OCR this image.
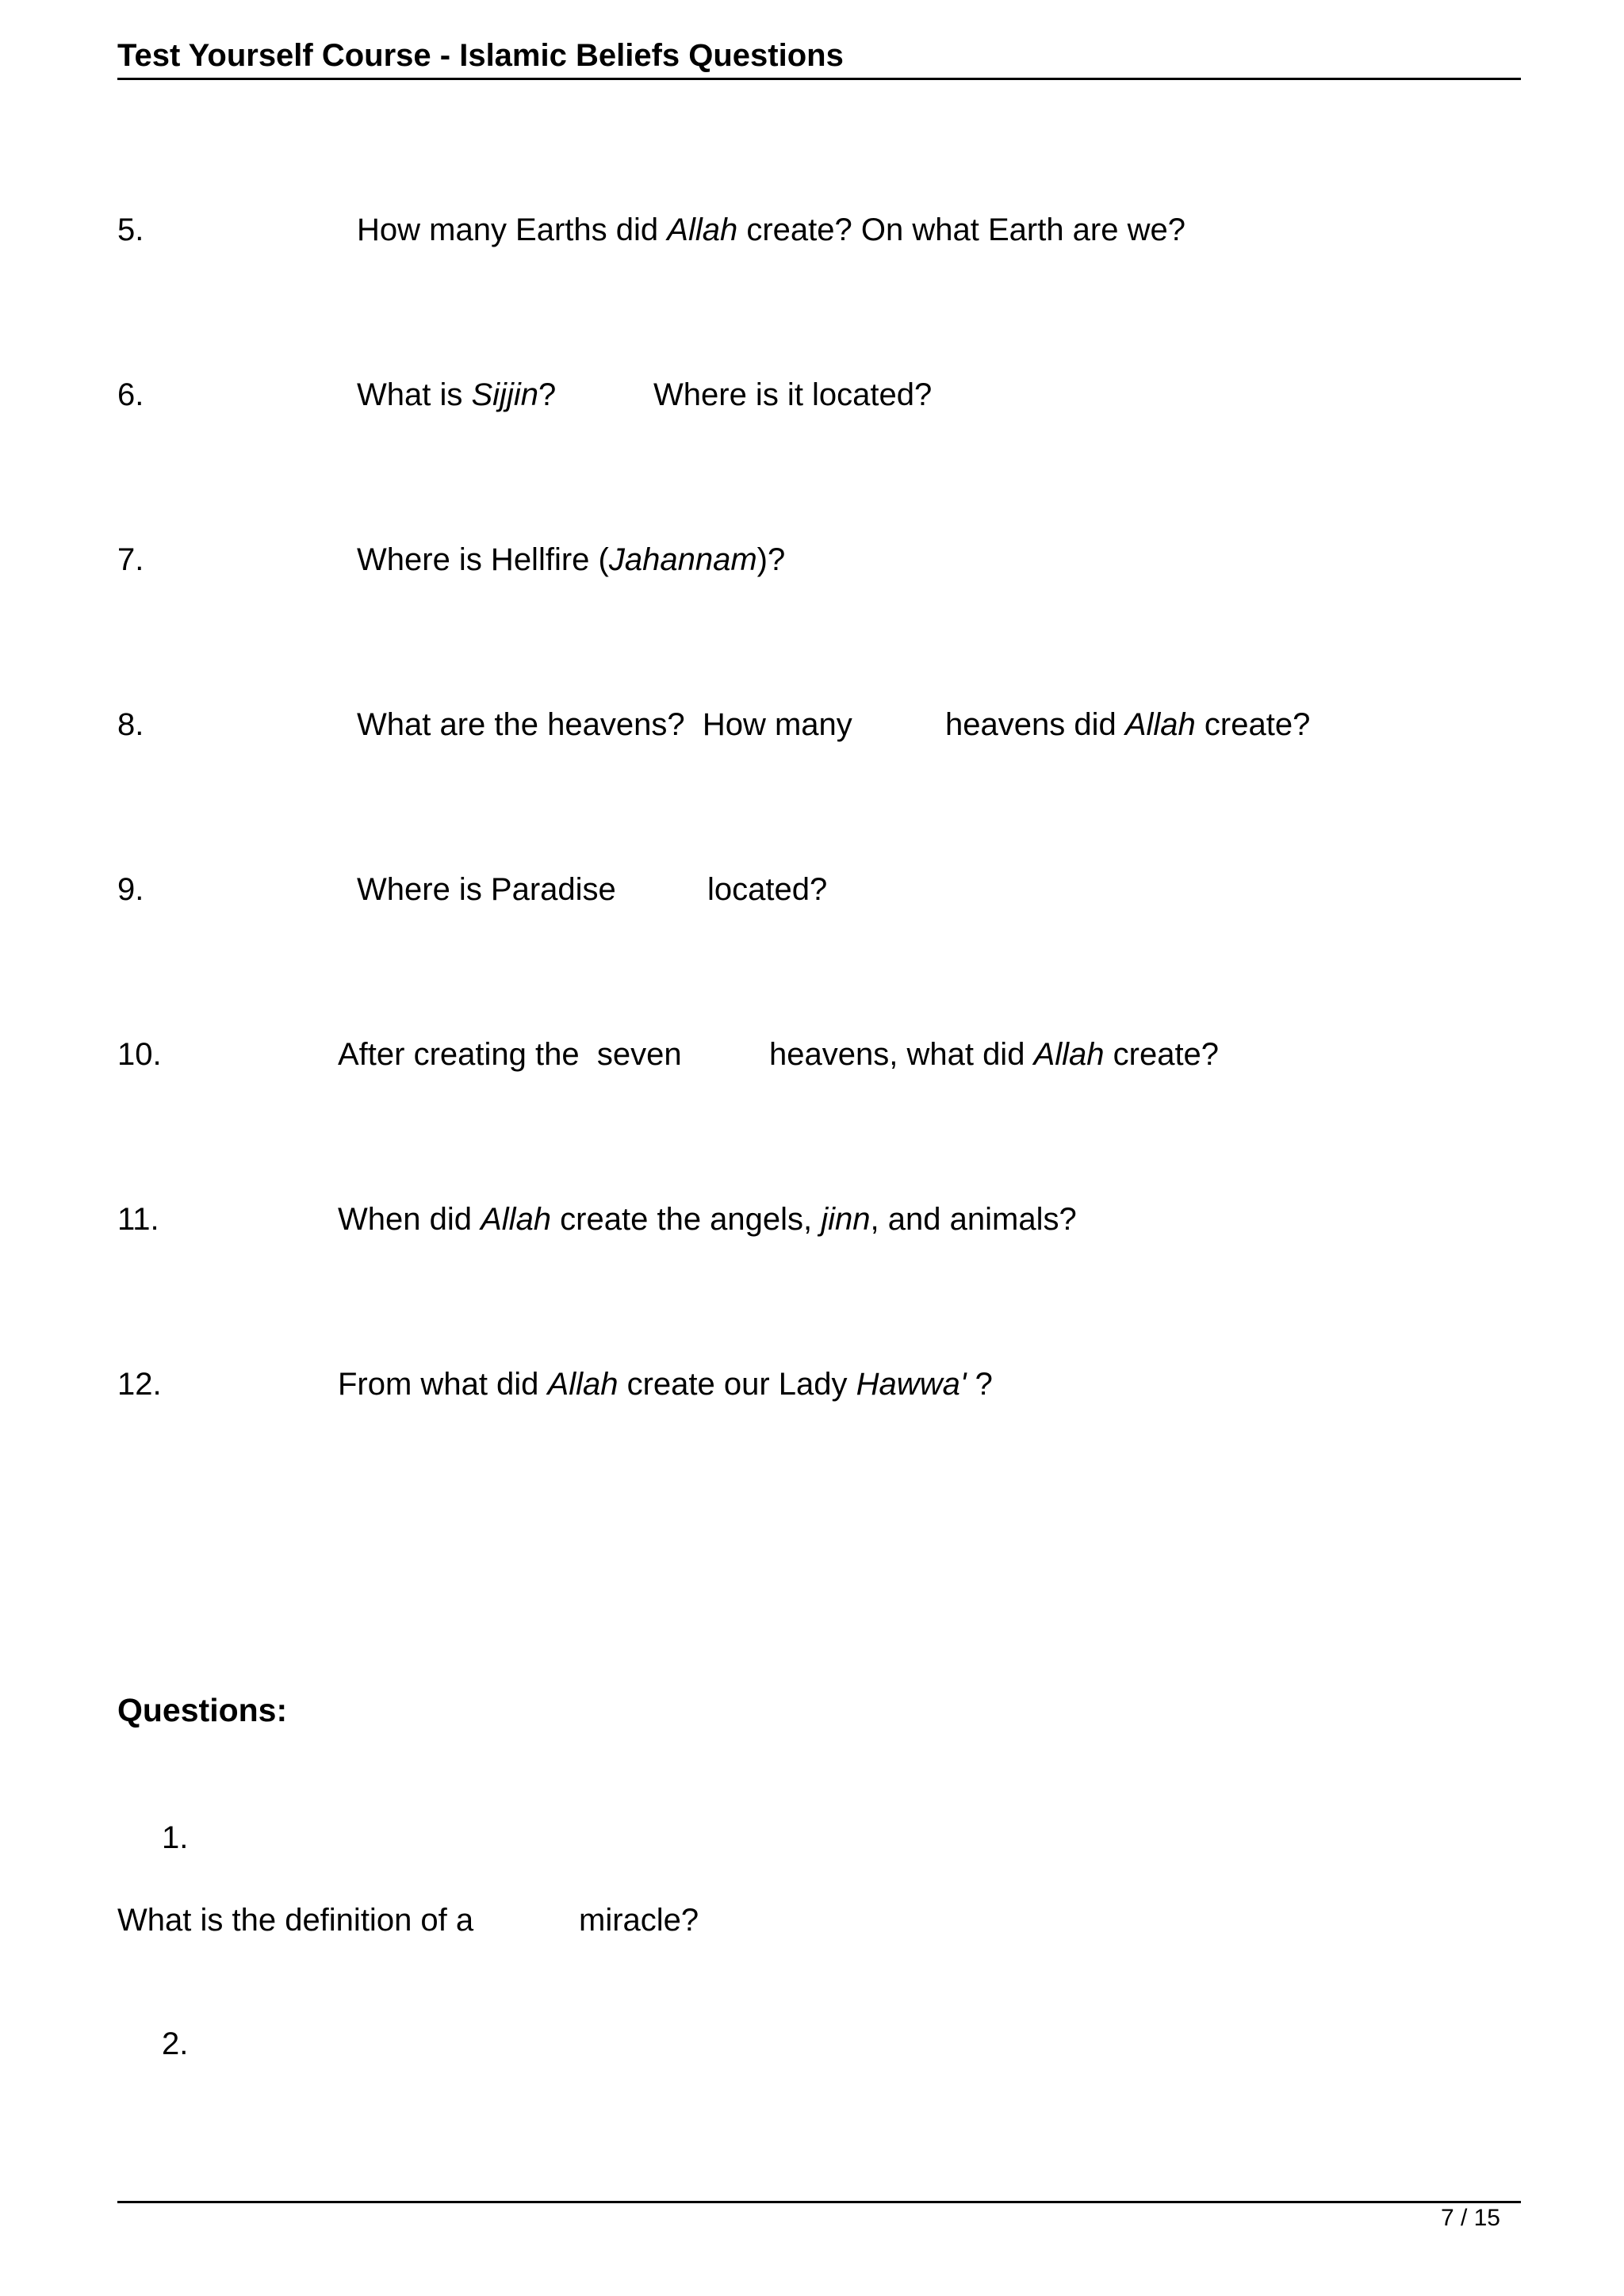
Test Yourself Course - Islamic Beliefs Questions
5.	How many Earths did Allah create? On what Earth are we?
6.	What is Sijjin?	Where is it located?
7.	Where is Hellfire (Jahannam)?
8.	What are the heavens?  How many	heavens did Allah create?
9.	Where is Paradise	located?
10.	After creating the  seven	heavens, what did Allah create?
11.	When did Allah create the angels, jinn, and animals?
12.	From what did Allah create our Lady Hawwa' ?
Questions:
1.
What is the definition of a	miracle?
2.
7 / 15
